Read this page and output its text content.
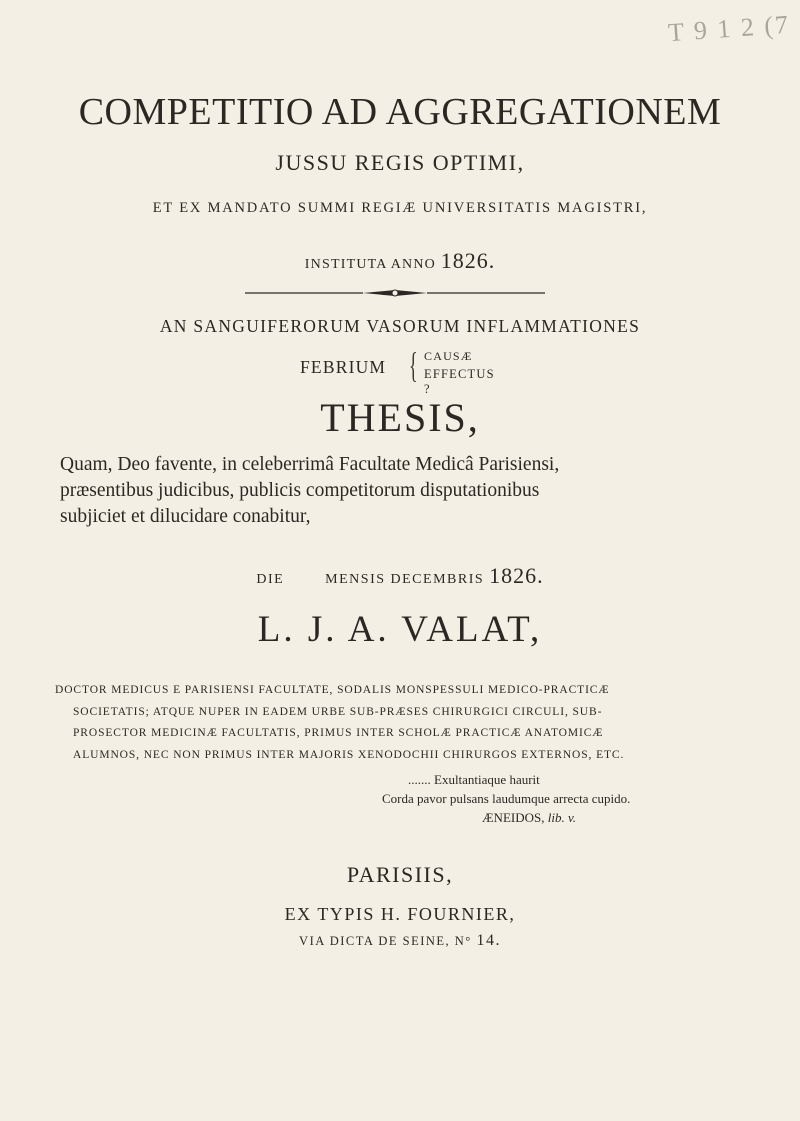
T 9 1 2 (7
COMPETITIO AD AGGREGATIONEM
JUSSU REGIS OPTIMI,
ET EX MANDATO SUMMI REGIÆ UNIVERSITATIS MAGISTRI,
INSTITUTA ANNO 1826.
AN SANGUIFERORUM VASORUM INFLAMMATIONES
FEBRIUM { CAUSÆ
EFFECTUS ?
THESIS,
Quam, Deo favente, in celeberrimâ Facultate Medicâ Parisiensi,
præsentibus judicibus, publicis competitorum disputationibus
subjiciet et dilucidare conabitur,
DIE	MENSIS DECEMBRIS 1826.
L. J. A. VALAT,
DOCTOR MEDICUS E PARISIENSI FACULTATE, SODALIS MONSPESSULI MEDICO-PRACTICÆ
SOCIETATIS; ATQUE NUPER IN EADEM URBE SUB-PRÆSES CHIRURGICI CIRCULI, SUB-
PROSECTOR MEDICINÆ FACULTATIS, PRIMUS INTER SCHOLÆ PRACTICÆ ANATOMICÆ
ALUMNOS, NEC NON PRIMUS INTER MAJORIS XENODOCHII CHIRURGOS EXTERNOS, ETC.
....... Exultantiaque haurit
Corda pavor pulsans laudumque arrecta cupido.
ÆNEIDOS, lib. v.
PARISIIS,
EX TYPIS H. FOURNIER,
VIA DICTA DE SEINE, N° 14.
